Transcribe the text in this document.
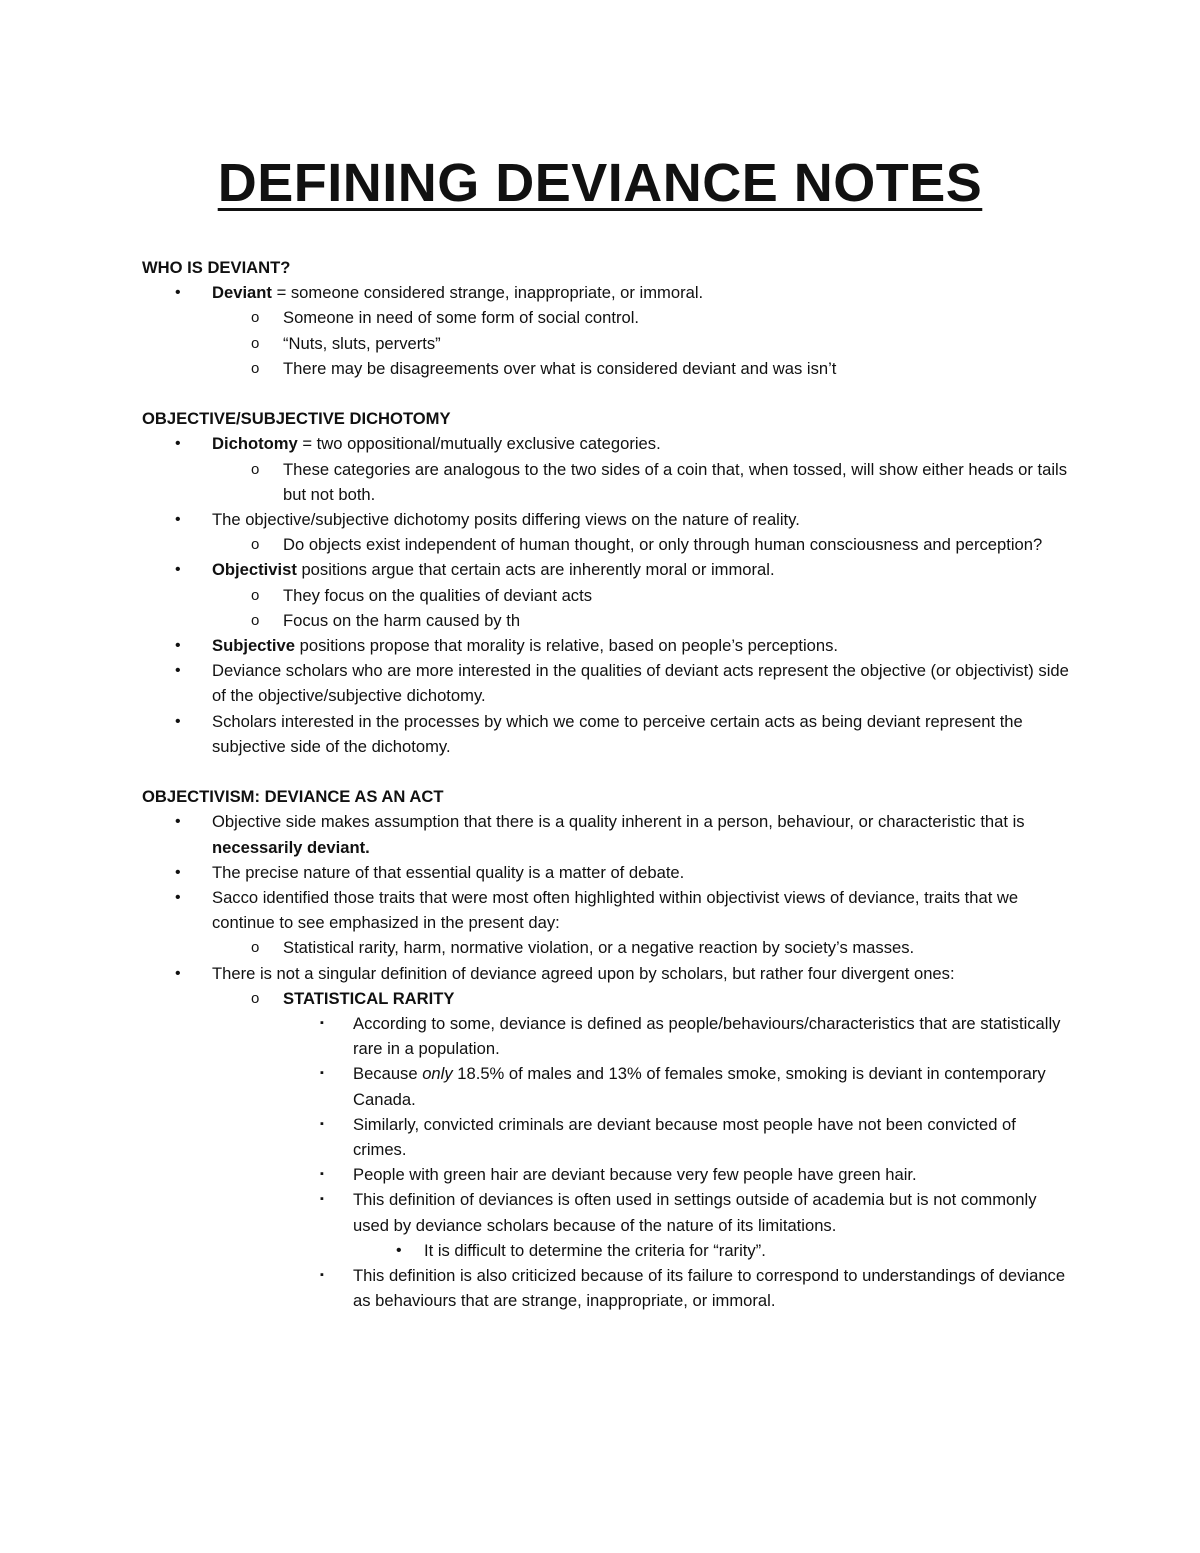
DEFINING DEVIANCE NOTES

WHO IS DEVIANT?

• Deviant = someone considered strange, inappropriate, or immoral.

o Someone in need of some form of social control.

o “Nuts, sluts, perverts”

o There may be disagreements over what is considered deviant and was isn’t

OBJECTIVE/SUBJECTIVE DICHOTOMY

• Dichotomy = two oppositional/mutually exclusive categories.

o These categories are analogous to the two sides of a coin that, when tossed, will show either heads or tails but not both.

• The objective/subjective dichotomy posits differing views on the nature of reality.

o Do objects exist independent of human thought, or only through human consciousness and perception?

• Objectivist positions argue that certain acts are inherently moral or immoral.

o They focus on the qualities of deviant acts

o Focus on the harm caused by th

• Subjective positions propose that morality is relative, based on people’s perceptions.

• Deviance scholars who are more interested in the qualities of deviant acts represent the objective (or objectivist) side of the objective/subjective dichotomy.

• Scholars interested in the processes by which we come to perceive certain acts as being deviant represent the subjective side of the dichotomy.

OBJECTIVISM: DEVIANCE AS AN ACT

• Objective side makes assumption that there is a quality inherent in a person, behaviour, or characteristic that is necessarily deviant.

• The precise nature of that essential quality is a matter of debate.

• Sacco identified those traits that were most often highlighted within objectivist views of deviance, traits that we continue to see emphasized in the present day:

o Statistical rarity, harm, normative violation, or a negative reaction by society’s masses.

• There is not a singular definition of deviance agreed upon by scholars, but rather four divergent ones:

o STATISTICAL RARITY

▪ According to some, deviance is defined as people/behaviours/characteristics that are statistically rare in a population.

▪ Because only 18.5% of males and 13% of females smoke, smoking is deviant in contemporary Canada.

▪ Similarly, convicted criminals are deviant because most people have not been convicted of crimes.

▪ People with green hair are deviant because very few people have green hair.

▪ This definition of deviances is often used in settings outside of academia but is not commonly used by deviance scholars because of the nature of its limitations.

• It is difficult to determine the criteria for “rarity”.

▪ This definition is also criticized because of its failure to correspond to understandings of deviance as behaviours that are strange, inappropriate, or immoral.
